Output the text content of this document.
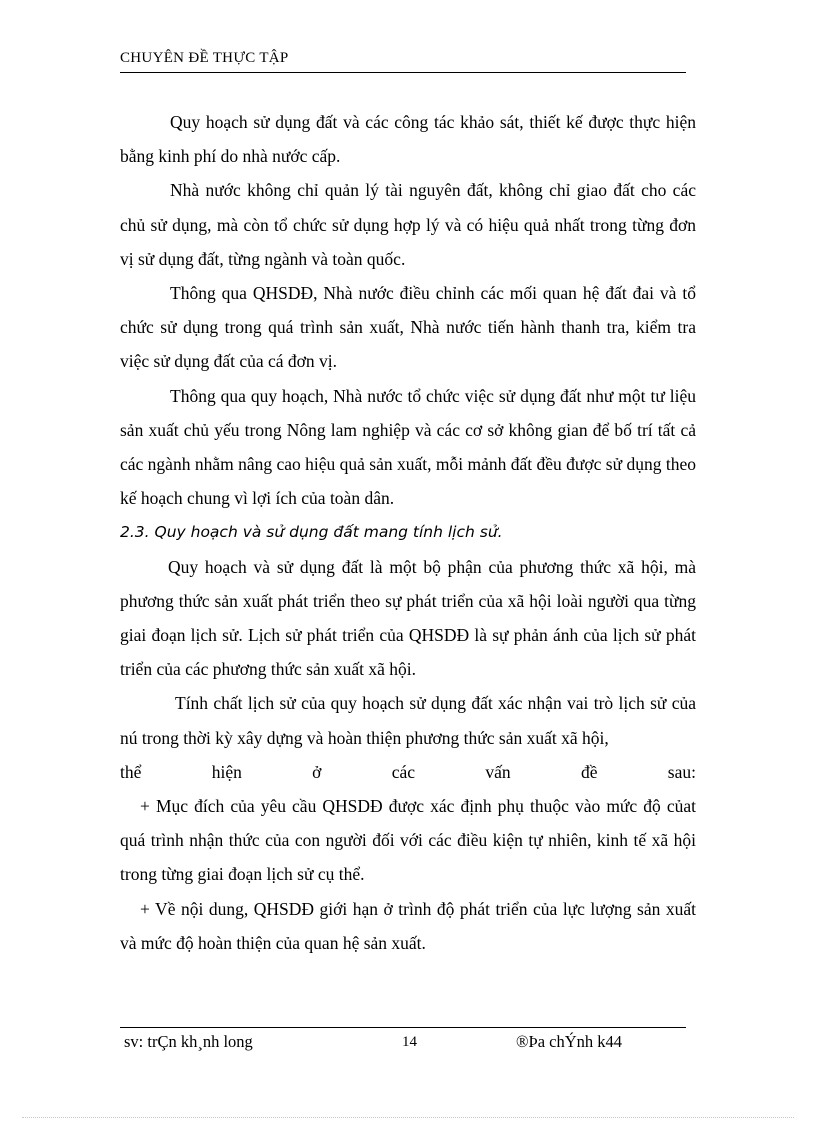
CHUYÊN ĐỀ THỰC TẬP

Quy hoạch sử dụng đất và các công tác khảo sát, thiết kế được thực hiện bằng kinh phí do nhà nước cấp.

Nhà nước không chỉ quản lý tài nguyên đất, không chỉ giao đất cho các chủ sử dụng, mà còn tổ chức sử dụng hợp lý và có hiệu quả nhất trong từng đơn vị sử dụng đất, từng ngành và toàn quốc.

Thông qua QHSDĐ, Nhà nước điều chỉnh các mối quan hệ đất đai và tổ chức sử dụng trong quá trình sản xuất, Nhà nước tiến hành thanh tra, kiểm tra việc sử dụng đất của cá đơn vị.

Thông qua quy hoạch, Nhà nước tổ chức việc sử dụng đất như một tư liệu sản xuất chủ yếu trong Nông lam nghiệp và các cơ sở không gian để bố trí tất cả các ngành nhằm nâng cao hiệu quả sản xuất, mỗi mảnh đất đều được sử dụng theo kế hoạch chung vì lợi ích của toàn dân.

2.3. Quy hoạch và sử dụng đất mang tính lịch sử.

Quy hoạch và sử dụng đất là một bộ phận của phương thức xã hội, mà phương thức sản xuất phát triển theo sự phát triển của xã hội loài người qua từng giai đoạn lịch sử. Lịch sử phát triển của QHSDĐ là sự phản ánh của lịch sử phát triển của các phương thức sản xuất xã hội.

Tính chất lịch sử của quy hoạch sử dụng đất xác nhận vai trò lịch sử của nú trong thời kỳ xây dựng và hoàn thiện phương thức sản xuất xã hội,

thể	hiện	ở	các	vấn	đề	sau:

+ Mục đích của yêu cầu QHSDĐ được xác định phụ thuộc vào mức độ củat quá trình nhận thức của con người đối với các điều kiện tự nhiên, kinh tế xã hội trong từng giai đoạn lịch sử cụ thể.

+ Về nội dung, QHSDĐ giới hạn ở trình độ phát triển của lực lượng sản xuất và mức độ hoàn thiện của quan hệ sản xuất.

sv: trÇn kh¸nh long	14	®Þa chÝnh k44
